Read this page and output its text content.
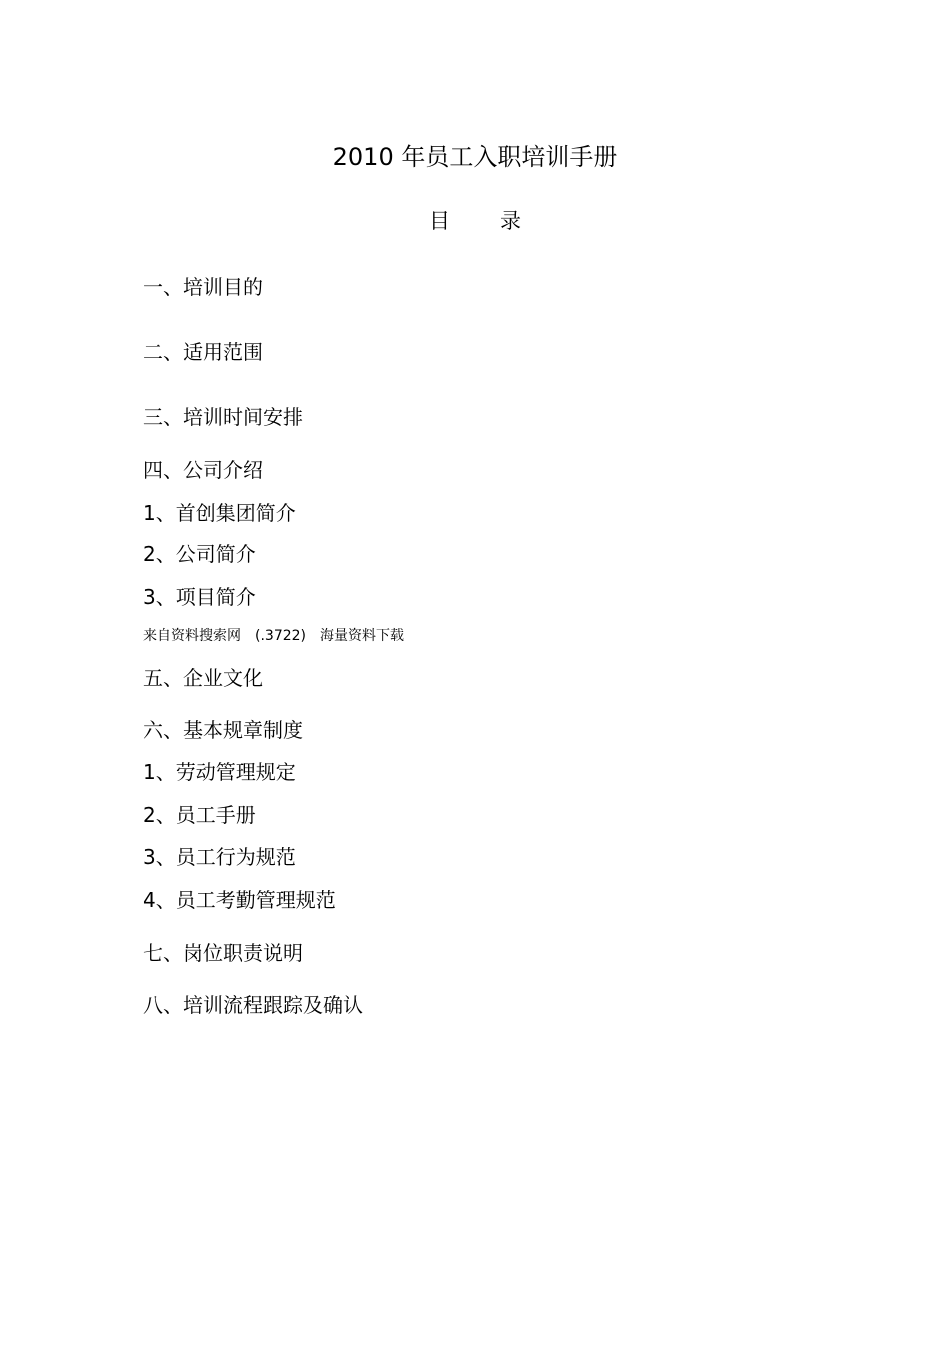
2010 年员工入职培训手册
目 录
一、培训目的
二、适用范围
三、培训时间安排
四、公司介绍
1、首创集团简介
2、公司简介
3、项目简介
来自资料搜索网 (.3722) 海量资料下载
五、企业文化
六、基本规章制度
1、劳动管理规定
2、员工手册
3、员工行为规范
4、员工考勤管理规范
七、岗位职责说明
八、培训流程跟踪及确认
